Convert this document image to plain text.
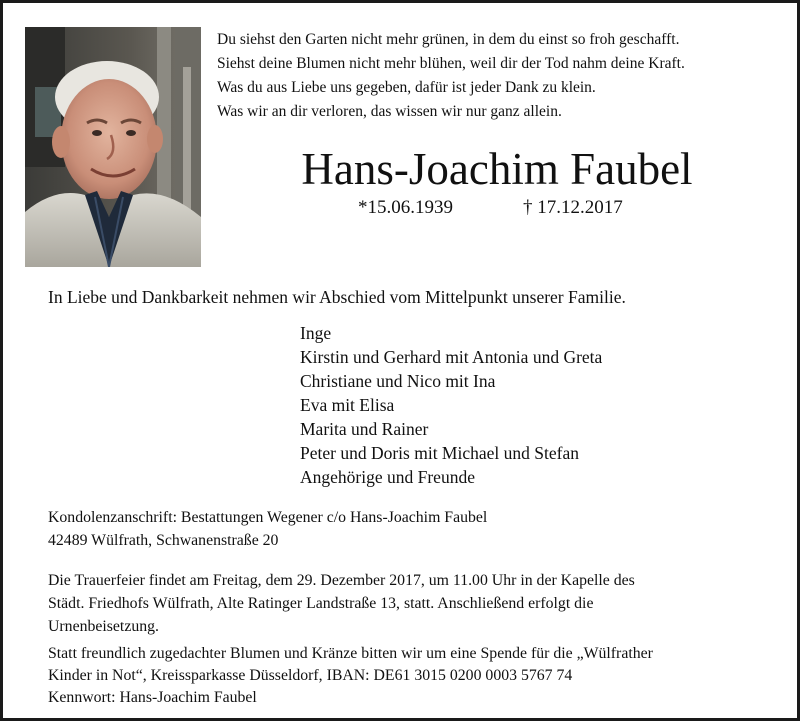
Du siehst den Garten nicht mehr grünen, in dem du einst so froh geschafft.
Siehst deine Blumen nicht mehr blühen, weil dir der Tod nahm deine Kraft.
Was du aus Liebe uns gegeben, dafür ist jeder Dank zu klein.
Was wir an dir verloren, das wissen wir nur ganz allein.
Hans-Joachim Faubel
*15.06.1939	† 17.12.2017
In Liebe und Dankbarkeit nehmen wir Abschied vom Mittelpunkt unserer Familie.
Inge
Kirstin und Gerhard mit Antonia und Greta
Christiane und Nico mit Ina
Eva mit Elisa
Marita und Rainer
Peter und Doris mit Michael und Stefan
Angehörige und Freunde
Kondolenzanschrift: Bestattungen Wegener c/o Hans-Joachim Faubel
42489 Wülfrath, Schwanenstraße 20
Die Trauerfeier findet am Freitag, dem 29. Dezember 2017, um 11.00 Uhr in der Kapelle des
Städt. Friedhofs Wülfrath, Alte Ratinger Landstraße 13, statt. Anschließend erfolgt die
Urnenbeisetzung.
Statt freundlich zugedachter Blumen und Kränze bitten wir um eine Spende für die „Wülfrather
Kinder in Not“, Kreissparkasse Düsseldorf, IBAN: DE61 3015 0200 0003 5767 74
Kennwort: Hans-Joachim Faubel
